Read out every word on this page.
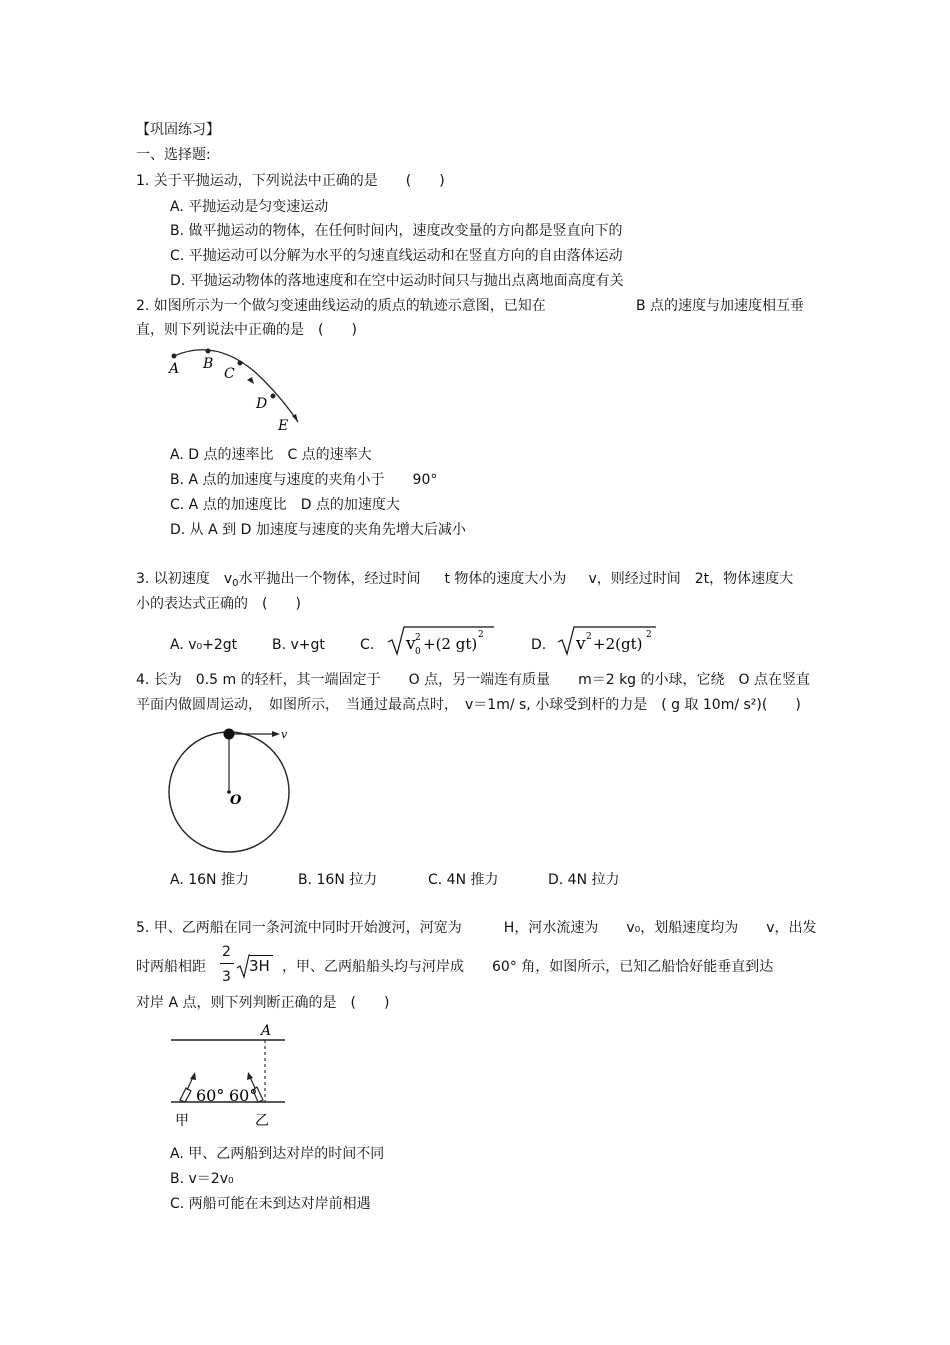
【巩固练习】
一、选择题:
1. 关于平抛运动，下列说法中正确的是　　(　　)
A. 平抛运动是匀变速运动
B. 做平抛运动的物体，在任何时间内，速度改变量的方向都是竖直向下的
C. 平抛运动可以分解为水平的匀速直线运动和在竖直方向的自由落体运动
D. 平抛运动物体的落地速度和在空中运动时间只与抛出点离地面高度有关
2. 如图所示为一个做匀变速曲线运动的质点的轨迹示意图，已知在	B 点的速度与加速度相互垂
直，则下列说法中正确的是　(　　)
A B
C
D
E
A. D 点的速率比　C 点的速率大
B. A 点的加速度与速度的夹角小于　　90°
C. A 点的加速度比　D 点的加速度大
D. 从 A 到 D 加速度与速度的夹角先增大后减小
3. 以初速度 $v_0$水平抛出一个物体，经过时间 t 物体的速度大小为 v，则经过时间 2t，物体速度大
小的表达式正确的　(　　)
A. v₀+2gt B. v+gt	C. v 2
0 +(2 gt) 2
D. v 2 +2(gt) 2
4. 长为　0.5 m 的轻杆，其一端固定于　　O 点，另一端连有质量　　m＝2 kg 的小球，它绕　O 点在竖直
平面内做圆周运动，　如图所示，　当通过最高点时，　v＝1m/ s, 小球受到杆的力是　( g 取 10m/ s²)(　　)
v
O
A. 16N 推力	B. 16N 拉力	C. 4N 推力	D. 4N 拉力
5. 甲、乙两船在同一条河流中同时开始渡河，河宽为　　　H，河水流速为　　v₀，划船速度均为　　v，出发
时两船相距
2
3
3H ，甲、乙两船船头均与河岸成　　60° 角，如图所示，已知乙船恰好能垂直到达
对岸 A 点，则下列判断正确的是　(　　)
A
60° 60°
甲	乙
A. 甲、乙两船到达对岸的时间不同
B. v＝2v₀
C. 两船可能在未到达对岸前相遇
